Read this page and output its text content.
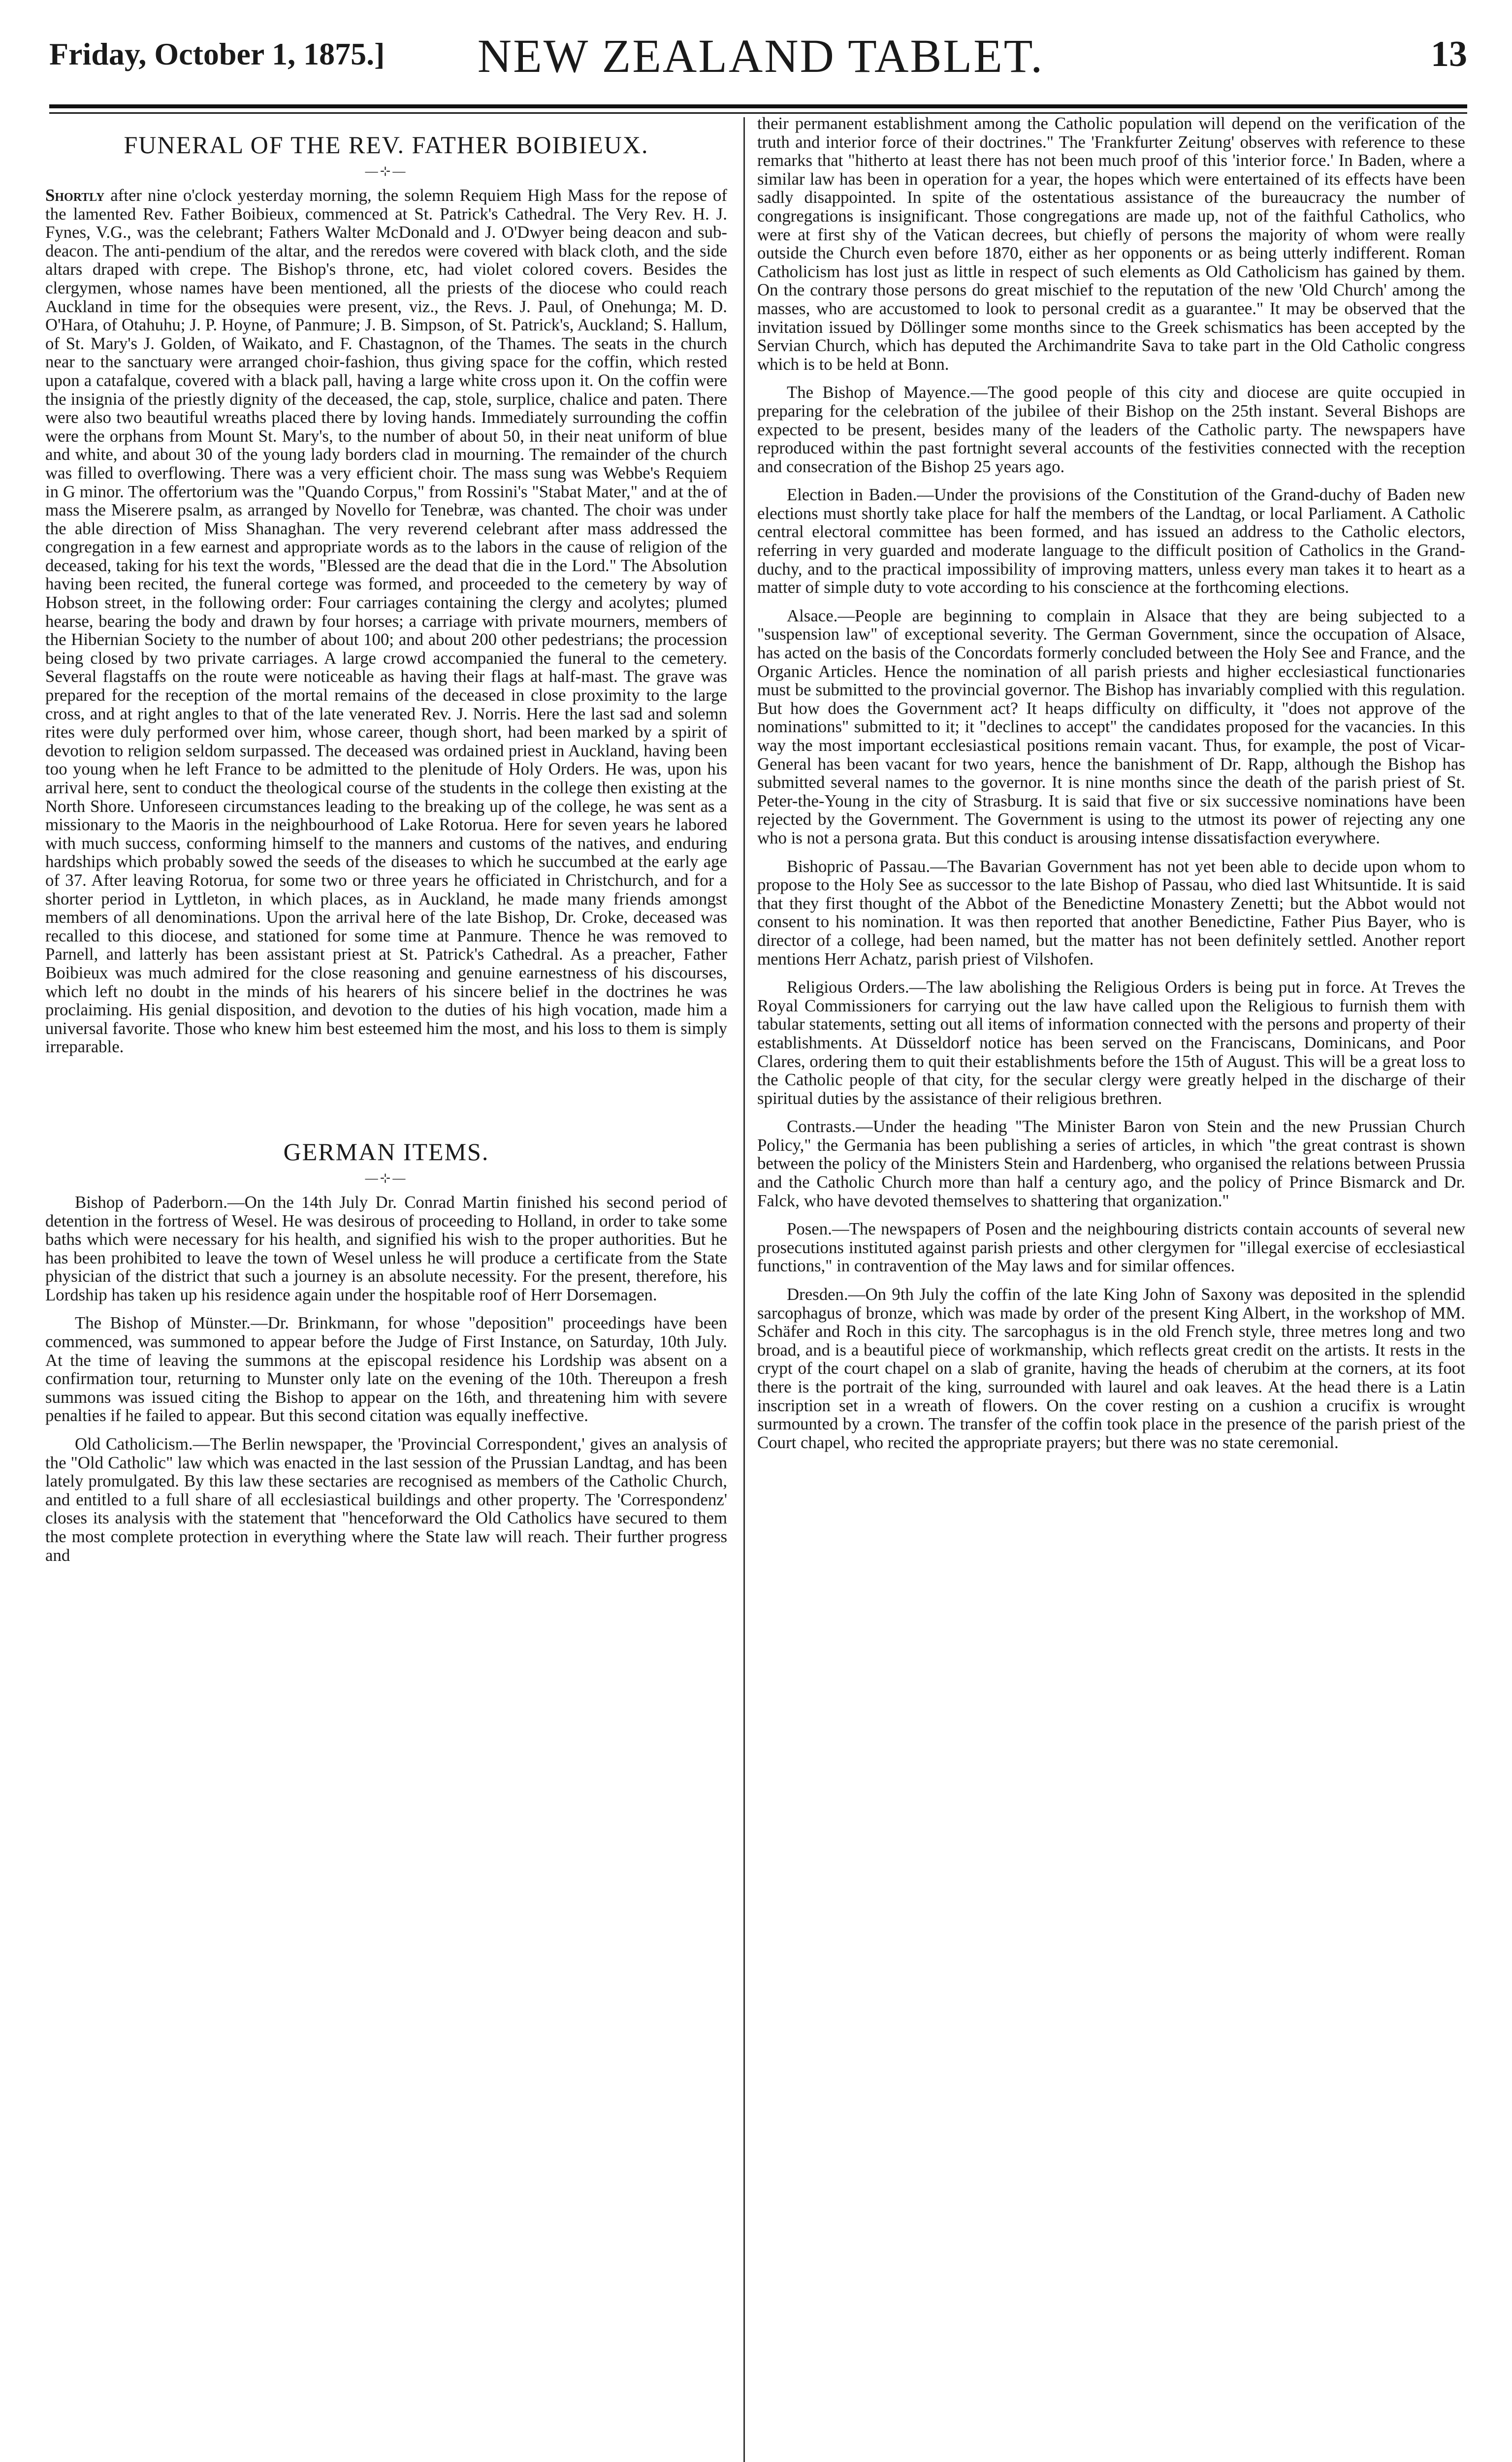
Friday, October 1, 1875.]	NEW ZEALAND TABLET.	13
FUNERAL OF THE REV. FATHER BOIBIEUX.
—⊹—

Shortly after nine o'clock yesterday morning, the solemn Requiem High Mass for the repose of the lamented Rev. Father Boibieux, commenced at St. Patrick's Cathedral. The Very Rev. H. J. Fynes, V.G., was the celebrant; Fathers Walter McDonald and J. O'Dwyer being deacon and sub-deacon. The anti-pendium of the altar, and the reredos were covered with black cloth, and the side altars draped with crepe. The Bishop's throne, etc, had violet colored covers. Besides the clergymen, whose names have been mentioned, all the priests of the diocese who could reach Auckland in time for the obsequies were present, viz., the Revs. J. Paul, of Onehunga; M. D. O'Hara, of Otahuhu; J. P. Hoyne, of Panmure; J. B. Simpson, of St. Patrick's, Auckland; S. Hallum, of St. Mary's J. Golden, of Waikato, and F. Chastagnon, of the Thames. The seats in the church near to the sanctuary were arranged choir-fashion, thus giving space for the coffin, which rested upon a catafalque, covered with a black pall, having a large white cross upon it. On the coffin were the insignia of the priestly dignity of the deceased, the cap, stole, surplice, chalice and paten. There were also two beautiful wreaths placed there by loving hands. Immediately surrounding the coffin were the orphans from Mount St. Mary's, to the number of about 50, in their neat uniform of blue and white, and about 30 of the young lady borders clad in mourning. The remainder of the church was filled to overflowing. There was a very efficient choir. The mass sung was Webbe's Requiem in G minor. The offertorium was the "Quando Corpus," from Rossini's "Stabat Mater," and at the of mass the Miserere psalm, as arranged by Novello for Tenebræ, was chanted. The choir was under the able direction of Miss Shanaghan. The very reverend celebrant after mass addressed the congregation in a few earnest and appropriate words as to the labors in the cause of religion of the deceased, taking for his text the words, "Blessed are the dead that die in the Lord." The Absolution having been recited, the funeral cortege was formed, and proceeded to the cemetery by way of Hobson street, in the following order: Four carriages containing the clergy and acolytes; plumed hearse, bearing the body and drawn by four horses; a carriage with private mourners, members of the Hibernian Society to the number of about 100; and about 200 other pedestrians; the procession being closed by two private carriages. A large crowd accompanied the funeral to the cemetery. Several flagstaffs on the route were noticeable as having their flags at half-mast. The grave was prepared for the reception of the mortal remains of the deceased in close proximity to the large cross, and at right angles to that of the late venerated Rev. J. Norris. Here the last sad and solemn rites were duly performed over him, whose career, though short, had been marked by a spirit of devotion to religion seldom surpassed. The deceased was ordained priest in Auckland, having been too young when he left France to be admitted to the plenitude of Holy Orders. He was, upon his arrival here, sent to conduct the theological course of the students in the college then existing at the North Shore. Unforeseen circumstances leading to the breaking up of the college, he was sent as a missionary to the Maoris in the neighbourhood of Lake Rotorua. Here for seven years he labored with much success, conforming himself to the manners and customs of the natives, and enduring hardships which probably sowed the seeds of the diseases to which he succumbed at the early age of 37. After leaving Rotorua, for some two or three years he officiated in Christchurch, and for a shorter period in Lyttleton, in which places, as in Auckland, he made many friends amongst members of all denominations. Upon the arrival here of the late Bishop, Dr. Croke, deceased was recalled to this diocese, and stationed for some time at Panmure. Thence he was removed to Parnell, and latterly has been assistant priest at St. Patrick's Cathedral. As a preacher, Father Boibieux was much admired for the close reasoning and genuine earnestness of his discourses, which left no doubt in the minds of his hearers of his sincere belief in the doctrines he was proclaiming. His genial disposition, and devotion to the duties of his high vocation, made him a universal favorite. Those who knew him best esteemed him the most, and his loss to them is simply irreparable.

GERMAN ITEMS.
—⊹—

Bishop of Paderborn.—On the 14th July Dr. Conrad Martin finished his second period of detention in the fortress of Wesel. He was desirous of proceeding to Holland, in order to take some baths which were necessary for his health, and signified his wish to the proper authorities. But he has been prohibited to leave the town of Wesel unless he will produce a certificate from the State physician of the district that such a journey is an absolute necessity. For the present, therefore, his Lordship has taken up his residence again under the hospitable roof of Herr Dorsemagen.

The Bishop of Münster.—Dr. Brinkmann, for whose "deposition" proceedings have been commenced, was summoned to appear before the Judge of First Instance, on Saturday, 10th July. At the time of leaving the summons at the episcopal residence his Lordship was absent on a confirmation tour, returning to Munster only late on the evening of the 10th. Thereupon a fresh summons was issued citing the Bishop to appear on the 16th, and threatening him with severe penalties if he failed to appear. But this second citation was equally ineffective.

Old Catholicism.—The Berlin newspaper, the 'Provincial Correspondent,' gives an analysis of the "Old Catholic" law which was enacted in the last session of the Prussian Landtag, and has been lately promulgated. By this law these sectaries are recognised as members of the Catholic Church, and entitled to a full share of all ecclesiastical buildings and other property. The 'Correspondenz' closes its analysis with the statement that "henceforward the Old Catholics have secured to them the most complete protection in everything where the State law will reach. Their further progress and

their permanent establishment among the Catholic population will depend on the verification of the truth and interior force of their doctrines." The 'Frankfurter Zeitung' observes with reference to these remarks that "hitherto at least there has not been much proof of this 'interior force.' In Baden, where a similar law has been in operation for a year, the hopes which were entertained of its effects have been sadly disappointed. In spite of the ostentatious assistance of the bureaucracy the number of congregations is insignificant. Those congregations are made up, not of the faithful Catholics, who were at first shy of the Vatican decrees, but chiefly of persons the majority of whom were really outside the Church even before 1870, either as her opponents or as being utterly indifferent. Roman Catholicism has lost just as little in respect of such elements as Old Catholicism has gained by them. On the contrary those persons do great mischief to the reputation of the new 'Old Church' among the masses, who are accustomed to look to personal credit as a guarantee." It may be observed that the invitation issued by Döllinger some months since to the Greek schismatics has been accepted by the Servian Church, which has deputed the Archimandrite Sava to take part in the Old Catholic congress which is to be held at Bonn.

The Bishop of Mayence.—The good people of this city and diocese are quite occupied in preparing for the celebration of the jubilee of their Bishop on the 25th instant. Several Bishops are expected to be present, besides many of the leaders of the Catholic party. The newspapers have reproduced within the past fortnight several accounts of the festivities connected with the reception and consecration of the Bishop 25 years ago.

Election in Baden.—Under the provisions of the Constitution of the Grand-duchy of Baden new elections must shortly take place for half the members of the Landtag, or local Parliament. A Catholic central electoral committee has been formed, and has issued an address to the Catholic electors, referring in very guarded and moderate language to the difficult position of Catholics in the Grand-duchy, and to the practical impossibility of improving matters, unless every man takes it to heart as a matter of simple duty to vote according to his conscience at the forthcoming elections.

Alsace.—People are beginning to complain in Alsace that they are being subjected to a "suspension law" of exceptional severity. The German Government, since the occupation of Alsace, has acted on the basis of the Concordats formerly concluded between the Holy See and France, and the Organic Articles. Hence the nomination of all parish priests and higher ecclesiastical functionaries must be submitted to the provincial governor. The Bishop has invariably complied with this regulation. But how does the Government act? It heaps difficulty on difficulty, it "does not approve of the nominations" submitted to it; it "declines to accept" the candidates proposed for the vacancies. In this way the most important ecclesiastical positions remain vacant. Thus, for example, the post of Vicar-General has been vacant for two years, hence the banishment of Dr. Rapp, although the Bishop has submitted several names to the governor. It is nine months since the death of the parish priest of St. Peter-the-Young in the city of Strasburg. It is said that five or six successive nominations have been rejected by the Government. The Government is using to the utmost its power of rejecting any one who is not a persona grata. But this conduct is arousing intense dissatisfaction everywhere.

Bishopric of Passau.—The Bavarian Government has not yet been able to decide upon whom to propose to the Holy See as successor to the late Bishop of Passau, who died last Whitsuntide. It is said that they first thought of the Abbot of the Benedictine Monastery Zenetti; but the Abbot would not consent to his nomination. It was then reported that another Benedictine, Father Pius Bayer, who is director of a college, had been named, but the matter has not been definitely settled. Another report mentions Herr Achatz, parish priest of Vilshofen.

Religious Orders.—The law abolishing the Religious Orders is being put in force. At Treves the Royal Commissioners for carrying out the law have called upon the Religious to furnish them with tabular statements, setting out all items of information connected with the persons and property of their establishments. At Düsseldorf notice has been served on the Franciscans, Dominicans, and Poor Clares, ordering them to quit their establishments before the 15th of August. This will be a great loss to the Catholic people of that city, for the secular clergy were greatly helped in the discharge of their spiritual duties by the assistance of their religious brethren.

Contrasts.—Under the heading "The Minister Baron von Stein and the new Prussian Church Policy," the Germania has been publishing a series of articles, in which "the great contrast is shown between the policy of the Ministers Stein and Hardenberg, who organised the relations between Prussia and the Catholic Church more than half a century ago, and the policy of Prince Bismarck and Dr. Falck, who have devoted themselves to shattering that organization."

Posen.—The newspapers of Posen and the neighbouring districts contain accounts of several new prosecutions instituted against parish priests and other clergymen for "illegal exercise of ecclesiastical functions," in contravention of the May laws and for similar offences.

Dresden.—On 9th July the coffin of the late King John of Saxony was deposited in the splendid sarcophagus of bronze, which was made by order of the present King Albert, in the workshop of MM. Schäfer and Roch in this city. The sarcophagus is in the old French style, three metres long and two broad, and is a beautiful piece of workmanship, which reflects great credit on the artists. It rests in the crypt of the court chapel on a slab of granite, having the heads of cherubim at the corners, at its foot there is the portrait of the king, surrounded with laurel and oak leaves. At the head there is a Latin inscription set in a wreath of flowers. On the cover resting on a cushion a crucifix is wrought surmounted by a crown. The transfer of the coffin took place in the presence of the parish priest of the Court chapel, who recited the appropriate prayers; but there was no state ceremonial.
